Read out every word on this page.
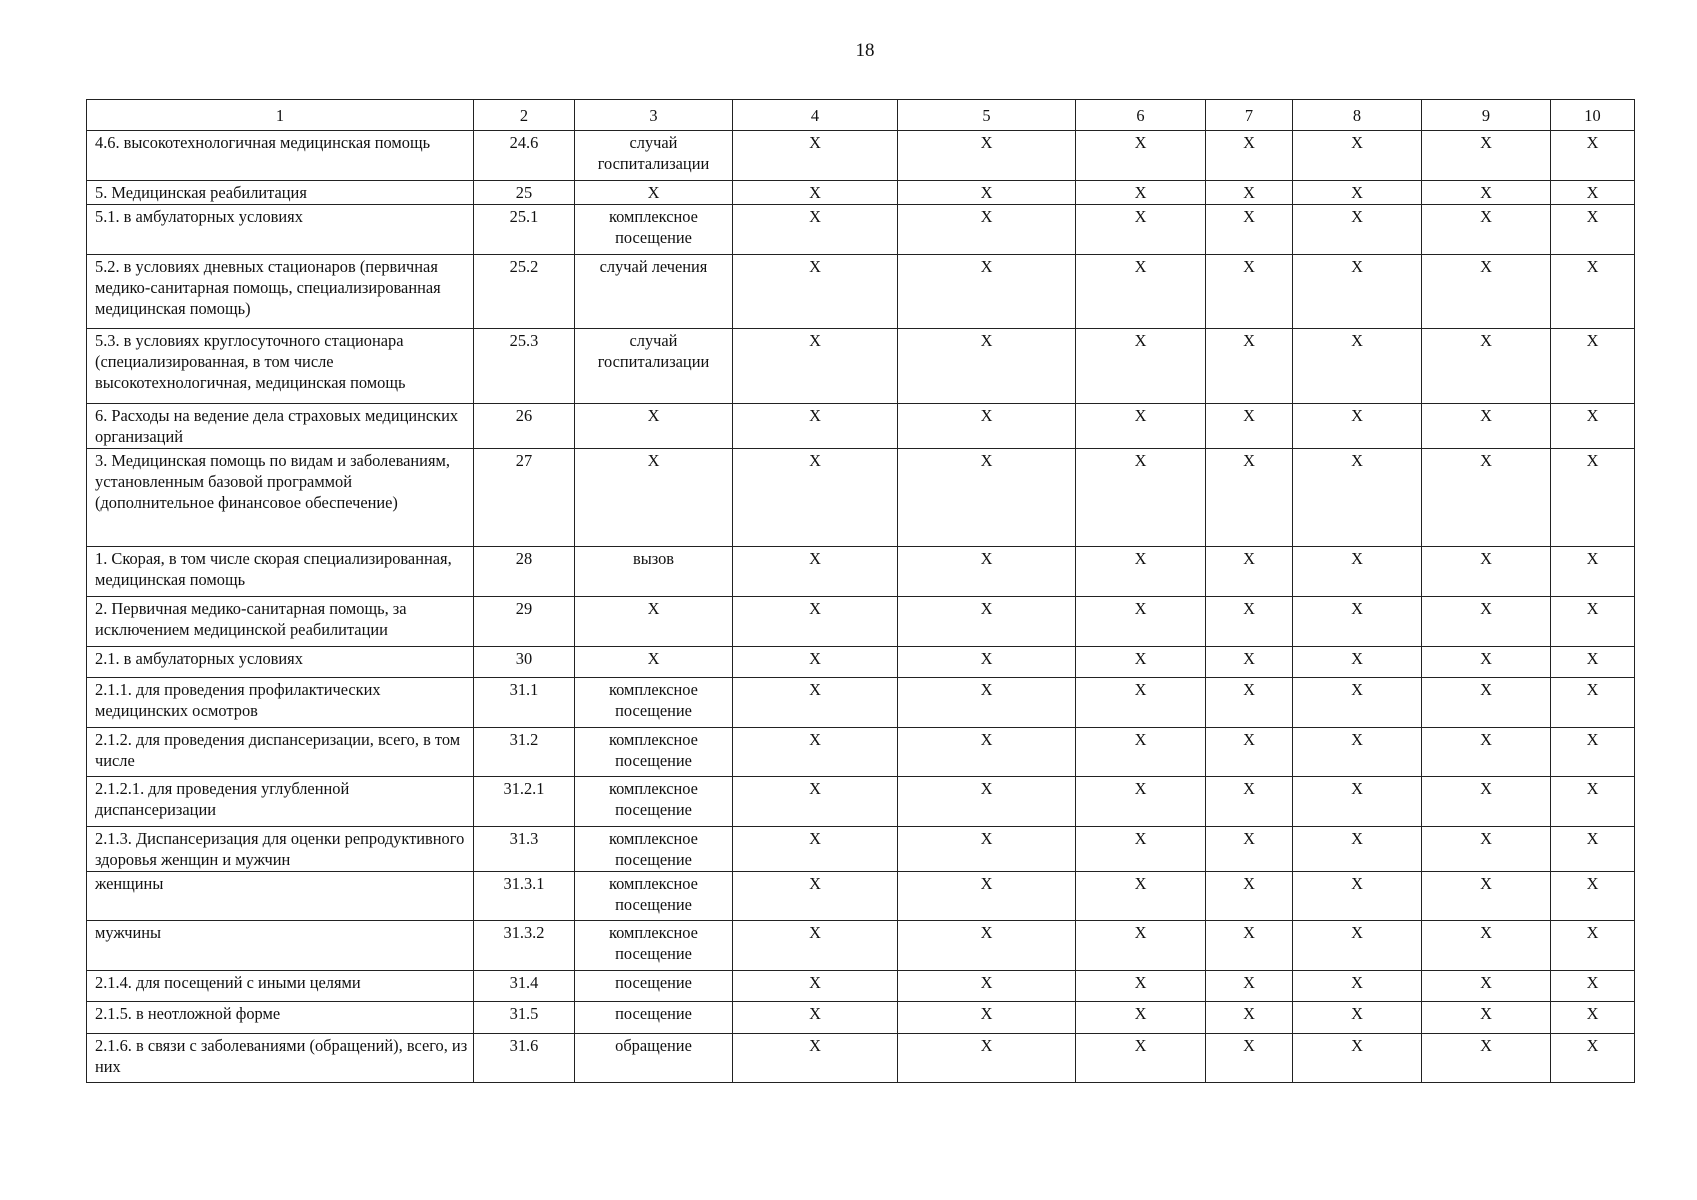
18
1	2	3	4	5	6	7	8	9	10
4.6. высокотехнологичная медицинская помощь	24.6	случай госпитализации	Х	Х	Х	Х	Х	Х	Х
5. Медицинская реабилитация	25	Х	Х	Х	Х	Х	Х	Х	Х
5.1. в амбулаторных условиях	25.1	комплексное посещение	Х	Х	Х	Х	Х	Х	Х
5.2. в условиях дневных стационаров (первичная медико-санитарная помощь, специализированная медицинская помощь)	25.2	случай лечения	Х	Х	Х	Х	Х	Х	Х
5.3. в условиях круглосуточного стационара (специализированная, в том числе высокотехнологичная, медицинская помощь	25.3	случай госпитализации	Х	Х	Х	Х	Х	Х	Х
6. Расходы на ведение дела страховых медицинских организаций	26	Х	Х	Х	Х	Х	Х	Х	Х
3. Медицинская помощь по видам и заболеваниям, установленным базовой программой (дополнительное финансовое обеспечение)	27	Х	Х	Х	Х	Х	Х	Х	Х
1. Скорая, в том числе скорая специализированная, медицинская помощь	28	вызов	Х	Х	Х	Х	Х	Х	Х
2. Первичная медико-санитарная помощь, за исключением медицинской реабилитации	29	Х	Х	Х	Х	Х	Х	Х	Х
2.1. в амбулаторных условиях	30	Х	Х	Х	Х	Х	Х	Х	Х
2.1.1. для проведения профилактических медицинских осмотров	31.1	комплексное посещение	Х	Х	Х	Х	Х	Х	Х
2.1.2. для проведения диспансеризации, всего, в том числе	31.2	комплексное посещение	Х	Х	Х	Х	Х	Х	Х
2.1.2.1. для проведения углубленной диспансеризации	31.2.1	комплексное посещение	Х	Х	Х	Х	Х	Х	Х
2.1.3. Диспансеризация для оценки репродуктивного здоровья женщин и мужчин	31.3	комплексное посещение	Х	Х	Х	Х	Х	Х	Х
женщины	31.3.1	комплексное посещение	Х	Х	Х	Х	Х	Х	Х
мужчины	31.3.2	комплексное посещение	Х	Х	Х	Х	Х	Х	Х
2.1.4. для посещений с иными целями	31.4	посещение	Х	Х	Х	Х	Х	Х	Х
2.1.5. в неотложной форме	31.5	посещение	Х	Х	Х	Х	Х	Х	Х
2.1.6. в связи с заболеваниями (обращений), всего, из них	31.6	обращение	Х	Х	Х	Х	Х	Х	Х
